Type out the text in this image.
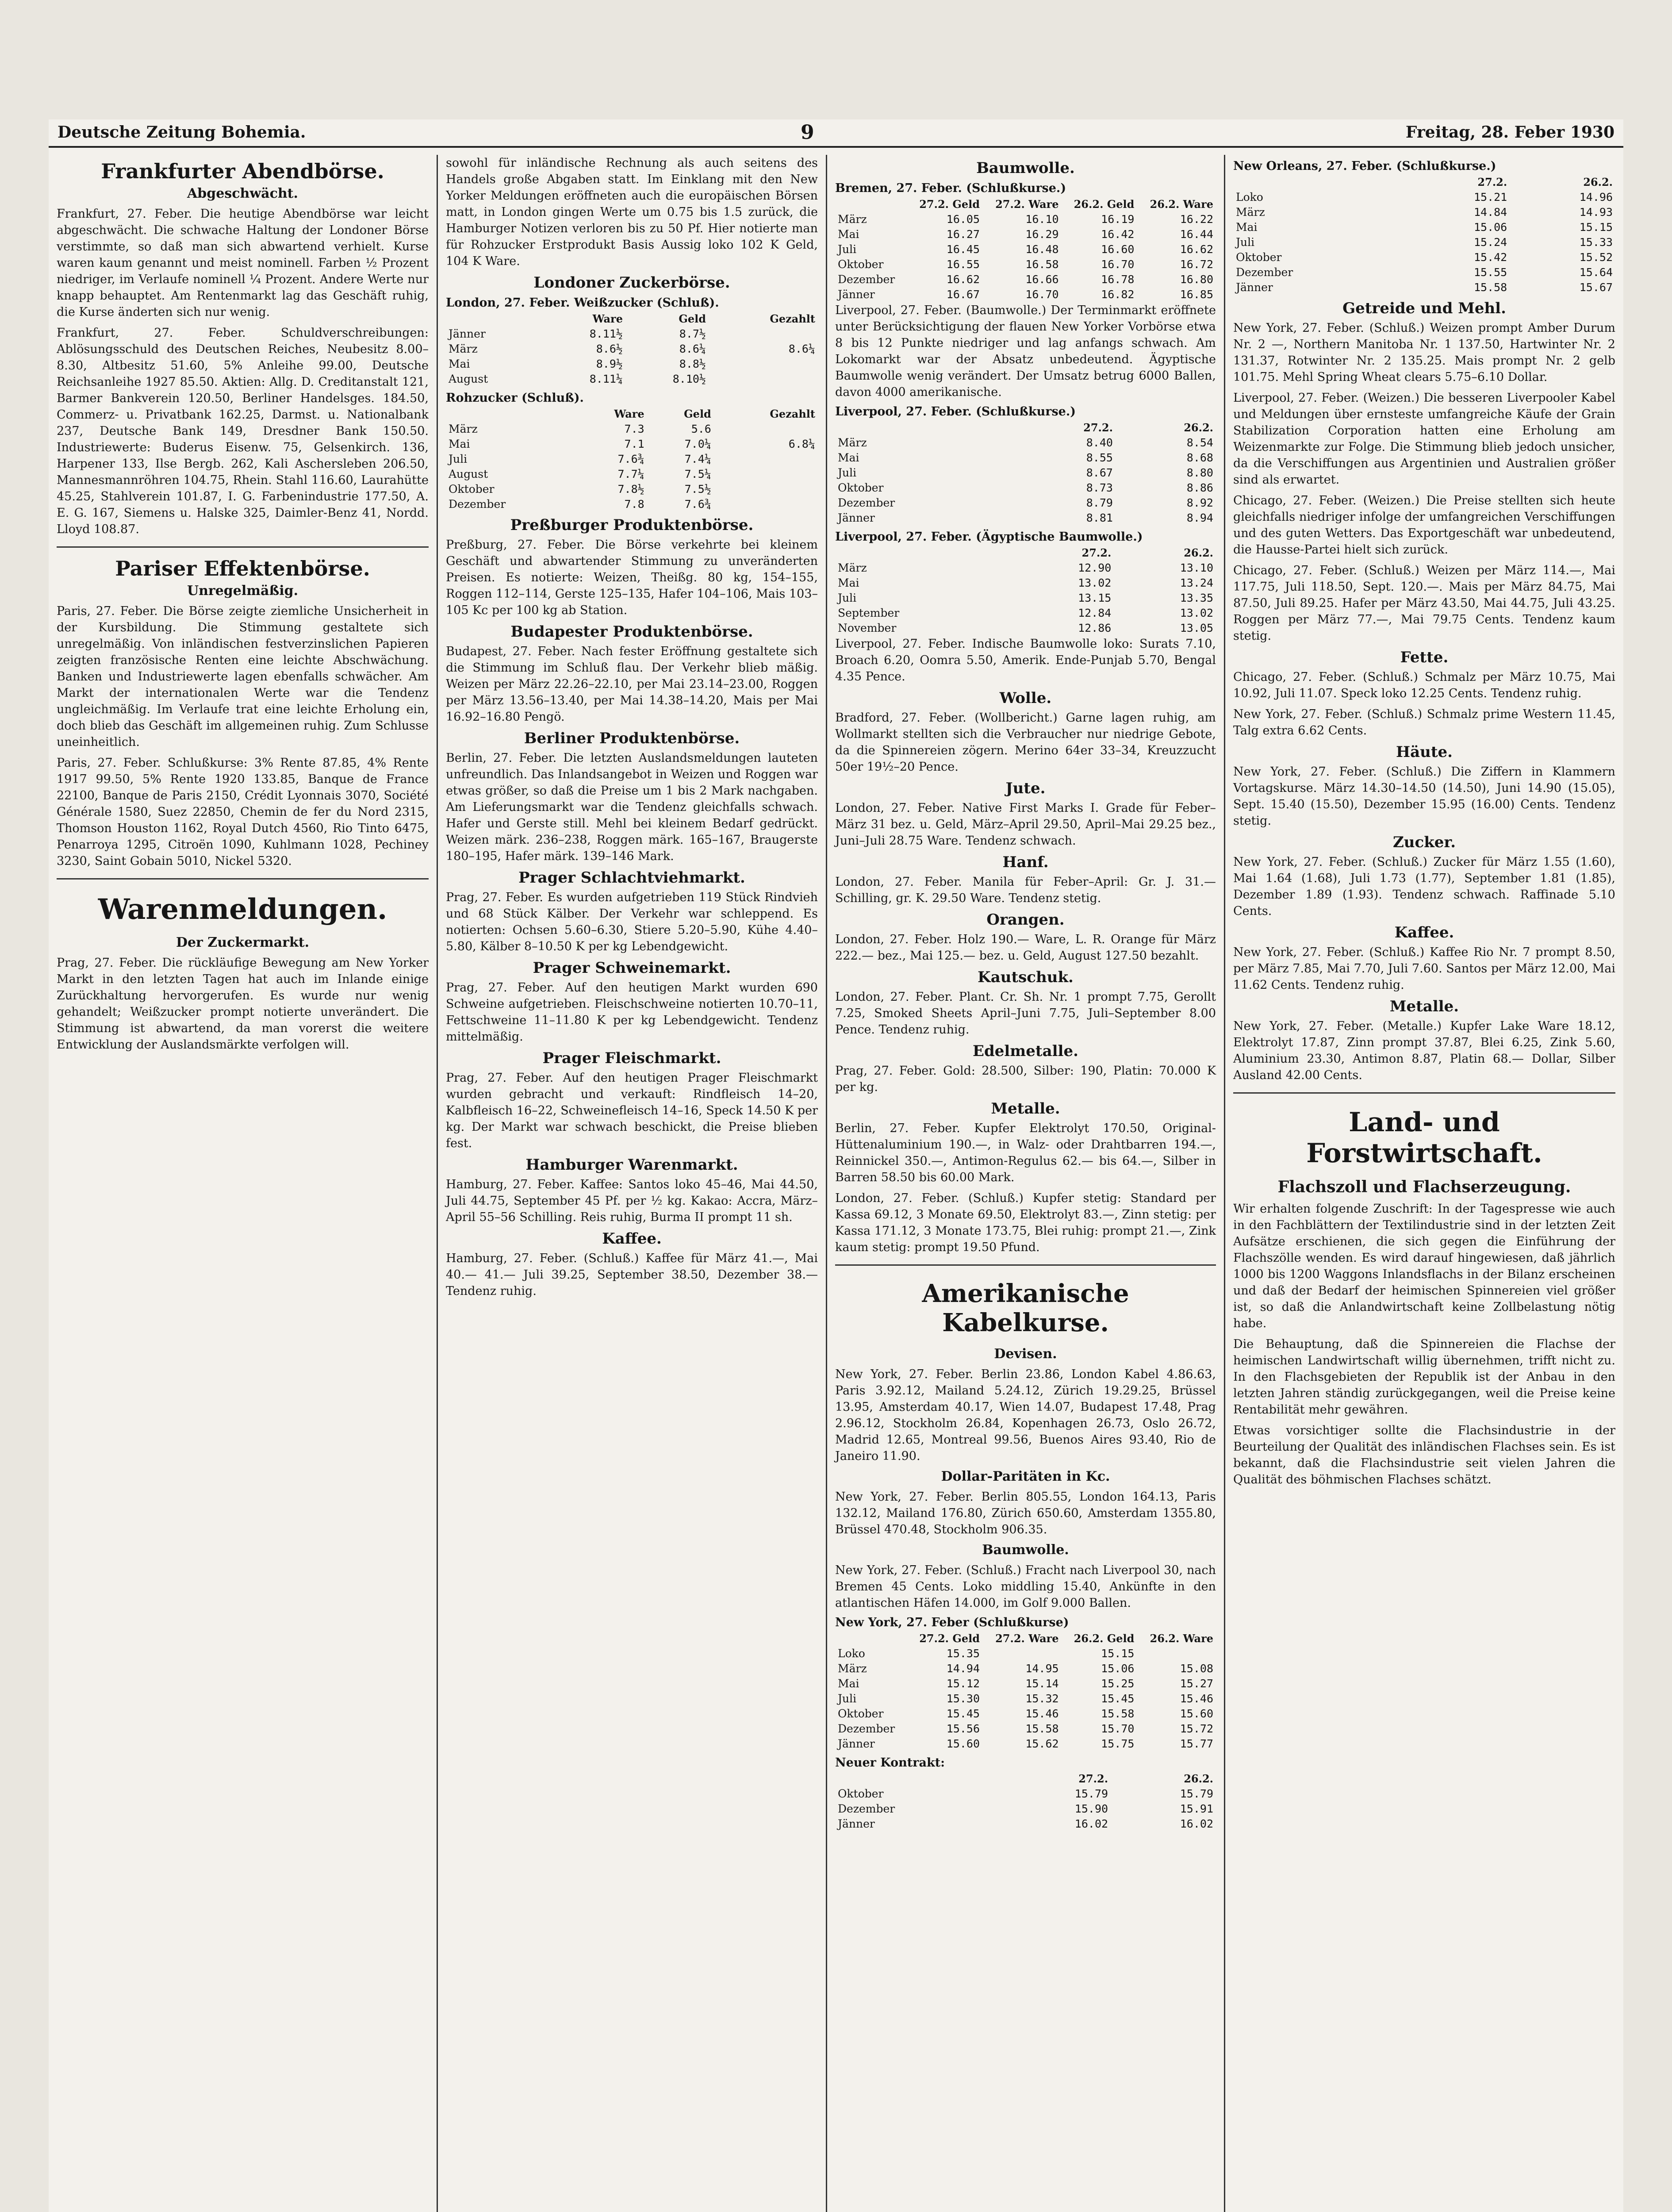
Deutsche Zeitung Bohemia.	9	Freitag, 28. Feber 1930
Frankfurter Abendbörse.
Abgeschwächt.

Frankfurt, 27. Feber. Die heutige Abendbörse war leicht abgeschwächt. Die schwache Haltung der Londoner Börse verstimmte, so daß man sich abwartend verhielt. Kurse waren kaum genannt und meist nominell. Farben ½ Prozent niedriger, im Verlaufe nominell ¼ Prozent. Andere Werte nur knapp behauptet. Am Rentenmarkt lag das Geschäft ruhig, die Kurse änderten sich nur wenig.

Frankfurt, 27. Feber. Schuldverschreibungen: Ablösungsschuld des Deutschen Reiches, Neubesitz 8.00–8.30, Altbesitz 51.60, 5% Anleihe 99.00, Deutsche Reichsanleihe 1927 85.50. Aktien: Allg. D. Creditanstalt 121, Barmer Bankverein 120.50, Berliner Handelsges. 184.50, Commerz- u. Privatbank 162.25, Darmst. u. Nationalbank 237, Deutsche Bank 149, Dresdner Bank 150.50. Industriewerte: Buderus Eisenw. 75, Gelsenkirch. 136, Harpener 133, Ilse Bergb. 262, Kali Aschersleben 206.50, Mannesmannröhren 104.75, Rhein. Stahl 116.60, Laurahütte 45.25, Stahlverein 101.87, I. G. Farbenindustrie 177.50, A. E. G. 167, Siemens u. Halske 325, Daimler-Benz 41, Nordd. Lloyd 108.87.

Pariser Effektenbörse.
Unregelmäßig.

Paris, 27. Feber. Die Börse zeigte ziemliche Unsicherheit in der Kursbildung. Die Stimmung gestaltete sich unregelmäßig. Von inländischen festverzinslichen Papieren zeigten französische Renten eine leichte Abschwächung. Banken und Industriewerte lagen ebenfalls schwächer. Am Markt der internationalen Werte war die Tendenz ungleichmäßig. Im Verlaufe trat eine leichte Erholung ein, doch blieb das Geschäft im allgemeinen ruhig. Zum Schlusse uneinheitlich.

Paris, 27. Feber. Schlußkurse: 3% Rente 87.85, 4% Rente 1917 99.50, 5% Rente 1920 133.85, Banque de France 22100, Banque de Paris 2150, Crédit Lyonnais 3070, Société Générale 1580, Suez 22850, Chemin de fer du Nord 2315, Thomson Houston 1162, Royal Dutch 4560, Rio Tinto 6475, Penarroya 1295, Citroën 1090, Kuhlmann 1028, Pechiney 3230, Saint Gobain 5010, Nickel 5320.

Warenmeldungen.
Der Zuckermarkt.

Prag, 27. Feber. Die rückläufige Bewegung am New Yorker Markt in den letzten Tagen hat auch im Inlande einige Zurückhaltung hervorgerufen. Es wurde nur wenig gehandelt; Weißzucker prompt notierte unverändert. Die Stimmung ist abwartend, da man vorerst die weitere Entwicklung der Auslandsmärkte verfolgen will.

sowohl für inländische Rechnung als auch seitens des Handels große Abgaben statt. Im Einklang mit den New Yorker Meldungen eröffneten auch die europäischen Börsen matt, in London gingen Werte um 0.75 bis 1.5 zurück, die Hamburger Notizen verloren bis zu 50 Pf. Hier notierte man für Rohzucker Erstprodukt Basis Aussig loko 102 K Geld, 104 K Ware.

Londoner Zuckerbörse.
London, 27. Feber. Weißzucker (Schluß).
	Ware	Geld	Gezahlt
Jänner	8.11½	8.7½	
März	8.6½	8.6¼	8.6¼
Mai	8.9½	8.8½	
August	8.11¼	8.10½	
Rohzucker (Schluß).
	Ware	Geld	Gezahlt
März	7.3	5.6	
Mai	7.1	7.0¼	6.8¼
Juli	7.6¾	7.4¼	
August	7.7¼	7.5¼	
Oktober	7.8½	7.5½	
Dezember	7.8	7.6¾	
Preßburger Produktenbörse.

Preßburg, 27. Feber. Die Börse verkehrte bei kleinem Geschäft und abwartender Stimmung zu unveränderten Preisen. Es notierte: Weizen, Theißg. 80 kg, 154–155, Roggen 112–114, Gerste 125–135, Hafer 104–106, Mais 103–105 Kc per 100 kg ab Station.

Budapester Produktenbörse.

Budapest, 27. Feber. Nach fester Eröffnung gestaltete sich die Stimmung im Schluß flau. Der Verkehr blieb mäßig. Weizen per März 22.26–22.10, per Mai 23.14–23.00, Roggen per März 13.56–13.40, per Mai 14.38–14.20, Mais per Mai 16.92–16.80 Pengö.

Berliner Produktenbörse.

Berlin, 27. Feber. Die letzten Auslandsmeldungen lauteten unfreundlich. Das Inlandsangebot in Weizen und Roggen war etwas größer, so daß die Preise um 1 bis 2 Mark nachgaben. Am Lieferungsmarkt war die Tendenz gleichfalls schwach. Hafer und Gerste still. Mehl bei kleinem Bedarf gedrückt. Weizen märk. 236–238, Roggen märk. 165–167, Braugerste 180–195, Hafer märk. 139–146 Mark.

Prager Schlachtviehmarkt.

Prag, 27. Feber. Es wurden aufgetrieben 119 Stück Rindvieh und 68 Stück Kälber. Der Verkehr war schleppend. Es notierten: Ochsen 5.60–6.30, Stiere 5.20–5.90, Kühe 4.40–5.80, Kälber 8–10.50 K per kg Lebendgewicht.

Prager Schweinemarkt.

Prag, 27. Feber. Auf den heutigen Markt wurden 690 Schweine aufgetrieben. Fleischschweine notierten 10.70–11, Fettschweine 11–11.80 K per kg Lebendgewicht. Tendenz mittelmäßig.

Prager Fleischmarkt.

Prag, 27. Feber. Auf den heutigen Prager Fleischmarkt wurden gebracht und verkauft: Rindfleisch 14–20, Kalbfleisch 16–22, Schweinefleisch 14–16, Speck 14.50 K per kg. Der Markt war schwach beschickt, die Preise blieben fest.

Hamburger Warenmarkt.

Hamburg, 27. Feber. Kaffee: Santos loko 45–46, Mai 44.50, Juli 44.75, September 45 Pf. per ½ kg. Kakao: Accra, März–April 55–56 Schilling. Reis ruhig, Burma II prompt 11 sh.

Kaffee.

Hamburg, 27. Feber. (Schluß.) Kaffee für März 41.—, Mai 40.— 41.— Juli 39.25, September 38.50, Dezember 38.— Tendenz ruhig.

Baumwolle.
Bremen, 27. Feber. (Schlußkurse.)
	27.2. Geld	27.2. Ware	26.2. Geld	26.2. Ware
März	16.05	16.10	16.19	16.22
Mai	16.27	16.29	16.42	16.44
Juli	16.45	16.48	16.60	16.62
Oktober	16.55	16.58	16.70	16.72
Dezember	16.62	16.66	16.78	16.80
Jänner	16.67	16.70	16.82	16.85

Liverpool, 27. Feber. (Baumwolle.) Der Terminmarkt eröffnete unter Berücksichtigung der flauen New Yorker Vorbörse etwa 8 bis 12 Punkte niedriger und lag anfangs schwach. Am Lokomarkt war der Absatz unbedeutend. Ägyptische Baumwolle wenig verändert. Der Umsatz betrug 6000 Ballen, davon 4000 amerikanische.

Liverpool, 27. Feber. (Schlußkurse.)
	27.2.	26.2.
März	8.40	8.54
Mai	8.55	8.68
Juli	8.67	8.80
Oktober	8.73	8.86
Dezember	8.79	8.92
Jänner	8.81	8.94
Liverpool, 27. Feber. (Ägyptische Baumwolle.)
	27.2.	26.2.
März	12.90	13.10
Mai	13.02	13.24
Juli	13.15	13.35
September	12.84	13.02
November	12.86	13.05

Liverpool, 27. Feber. Indische Baumwolle loko: Surats 7.10, Broach 6.20, Oomra 5.50, Amerik. Ende-Punjab 5.70, Bengal 4.35 Pence.

Wolle.

Bradford, 27. Feber. (Wollbericht.) Garne lagen ruhig, am Wollmarkt stellten sich die Verbraucher nur niedrige Gebote, da die Spinnereien zögern. Merino 64er 33–34, Kreuzzucht 50er 19½–20 Pence.

Jute.

London, 27. Feber. Native First Marks I. Grade für Feber–März 31 bez. u. Geld, März–April 29.50, April–Mai 29.25 bez., Juni–Juli 28.75 Ware. Tendenz schwach.

Hanf.

London, 27. Feber. Manila für Feber–April: Gr. J. 31.— Schilling, gr. K. 29.50 Ware. Tendenz stetig.

Orangen.

London, 27. Feber. Holz 190.— Ware, L. R. Orange für März 222.— bez., Mai 125.— bez. u. Geld, August 127.50 bezahlt.

Kautschuk.

London, 27. Feber. Plant. Cr. Sh. Nr. 1 prompt 7.75, Gerollt 7.25, Smoked Sheets April–Juni 7.75, Juli–September 8.00 Pence. Tendenz ruhig.

Edelmetalle.

Prag, 27. Feber. Gold: 28.500, Silber: 190, Platin: 70.000 K per kg.

Metalle.

Berlin, 27. Feber. Kupfer Elektrolyt 170.50, Original-Hüttenaluminium 190.—, in Walz- oder Drahtbarren 194.—, Reinnickel 350.—, Antimon-Regulus 62.— bis 64.—, Silber in Barren 58.50 bis 60.00 Mark.

London, 27. Feber. (Schluß.) Kupfer stetig: Standard per Kassa 69.12, 3 Monate 69.50, Elektrolyt 83.—, Zinn stetig: per Kassa 171.12, 3 Monate 173.75, Blei ruhig: prompt 21.—, Zink kaum stetig: prompt 19.50 Pfund.

Amerikanische Kabelkurse.
Devisen.

New York, 27. Feber. Berlin 23.86, London Kabel 4.86.63, Paris 3.92.12, Mailand 5.24.12, Zürich 19.29.25, Brüssel 13.95, Amsterdam 40.17, Wien 14.07, Budapest 17.48, Prag 2.96.12, Stockholm 26.84, Kopenhagen 26.73, Oslo 26.72, Madrid 12.65, Montreal 99.56, Buenos Aires 93.40, Rio de Janeiro 11.90.

Dollar-Paritäten in Kc.

New York, 27. Feber. Berlin 805.55, London 164.13, Paris 132.12, Mailand 176.80, Zürich 650.60, Amsterdam 1355.80, Brüssel 470.48, Stockholm 906.35.

Baumwolle.

New York, 27. Feber. (Schluß.) Fracht nach Liverpool 30, nach Bremen 45 Cents. Loko middling 15.40, Ankünfte in den atlantischen Häfen 14.000, im Golf 9.000 Ballen.

New York, 27. Feber (Schlußkurse)
	27.2. Geld	27.2. Ware	26.2. Geld	26.2. Ware
Loko	15.35		15.15	
März	14.94	14.95	15.06	15.08
Mai	15.12	15.14	15.25	15.27
Juli	15.30	15.32	15.45	15.46
Oktober	15.45	15.46	15.58	15.60
Dezember	15.56	15.58	15.70	15.72
Jänner	15.60	15.62	15.75	15.77
Neuer Kontrakt:
	27.2.	26.2.
Oktober	15.79	15.79
Dezember	15.90	15.91
Jänner	16.02	16.02
New Orleans, 27. Feber. (Schlußkurse.)
	27.2.	26.2.
Loko	15.21	14.96
März	14.84	14.93
Mai	15.06	15.15
Juli	15.24	15.33
Oktober	15.42	15.52
Dezember	15.55	15.64
Jänner	15.58	15.67
Getreide und Mehl.

New York, 27. Feber. (Schluß.) Weizen prompt Amber Durum Nr. 2 —, Northern Manitoba Nr. 1 137.50, Hartwinter Nr. 2 131.37, Rotwinter Nr. 2 135.25. Mais prompt Nr. 2 gelb 101.75. Mehl Spring Wheat clears 5.75–6.10 Dollar.

Liverpool, 27. Feber. (Weizen.) Die besseren Liverpooler Kabel und Meldungen über ernsteste umfangreiche Käufe der Grain Stabilization Corporation hatten eine Erholung am Weizenmarkte zur Folge. Die Stimmung blieb jedoch unsicher, da die Verschiffungen aus Argentinien und Australien größer sind als erwartet.

Chicago, 27. Feber. (Weizen.) Die Preise stellten sich heute gleichfalls niedriger infolge der umfangreichen Verschiffungen und des guten Wetters. Das Exportgeschäft war unbedeutend, die Hausse-Partei hielt sich zurück.

Chicago, 27. Feber. (Schluß.) Weizen per März 114.—, Mai 117.75, Juli 118.50, Sept. 120.—. Mais per März 84.75, Mai 87.50, Juli 89.25. Hafer per März 43.50, Mai 44.75, Juli 43.25. Roggen per März 77.—, Mai 79.75 Cents. Tendenz kaum stetig.

Fette.

Chicago, 27. Feber. (Schluß.) Schmalz per März 10.75, Mai 10.92, Juli 11.07. Speck loko 12.25 Cents. Tendenz ruhig.

New York, 27. Feber. (Schluß.) Schmalz prime Western 11.45, Talg extra 6.62 Cents.

Häute.

New York, 27. Feber. (Schluß.) Die Ziffern in Klammern Vortagskurse. März 14.30–14.50 (14.50), Juni 14.90 (15.05), Sept. 15.40 (15.50), Dezember 15.95 (16.00) Cents. Tendenz stetig.

Zucker.

New York, 27. Feber. (Schluß.) Zucker für März 1.55 (1.60), Mai 1.64 (1.68), Juli 1.73 (1.77), September 1.81 (1.85), Dezember 1.89 (1.93). Tendenz schwach. Raffinade 5.10 Cents.

Kaffee.

New York, 27. Feber. (Schluß.) Kaffee Rio Nr. 7 prompt 8.50, per März 7.85, Mai 7.70, Juli 7.60. Santos per März 12.00, Mai 11.62 Cents. Tendenz ruhig.

Metalle.

New York, 27. Feber. (Metalle.) Kupfer Lake Ware 18.12, Elektrolyt 17.87, Zinn prompt 37.87, Blei 6.25, Zink 5.60, Aluminium 23.30, Antimon 8.87, Platin 68.— Dollar, Silber Ausland 42.00 Cents.

Land- und Forstwirtschaft.
Flachszoll und Flachserzeugung.

Wir erhalten folgende Zuschrift: In der Tagespresse wie auch in den Fachblättern der Textilindustrie sind in der letzten Zeit Aufsätze erschienen, die sich gegen die Einführung der Flachszölle wenden. Es wird darauf hingewiesen, daß jährlich 1000 bis 1200 Waggons Inlandsflachs in der Bilanz erscheinen und daß der Bedarf der heimischen Spinnereien viel größer ist, so daß die Anlandwirtschaft keine Zollbelastung nötig habe.

Die Behauptung, daß die Spinnereien die Flachse der heimischen Landwirtschaft willig übernehmen, trifft nicht zu. In den Flachsgebieten der Republik ist der Anbau in den letzten Jahren ständig zurückgegangen, weil die Preise keine Rentabilität mehr gewähren.

Etwas vorsichtiger sollte die Flachsindustrie in der Beurteilung der Qualität des inländischen Flachses sein. Es ist bekannt, daß die Flachsindustrie seit vielen Jahren die Qualität des böhmischen Flachses schätzt.
